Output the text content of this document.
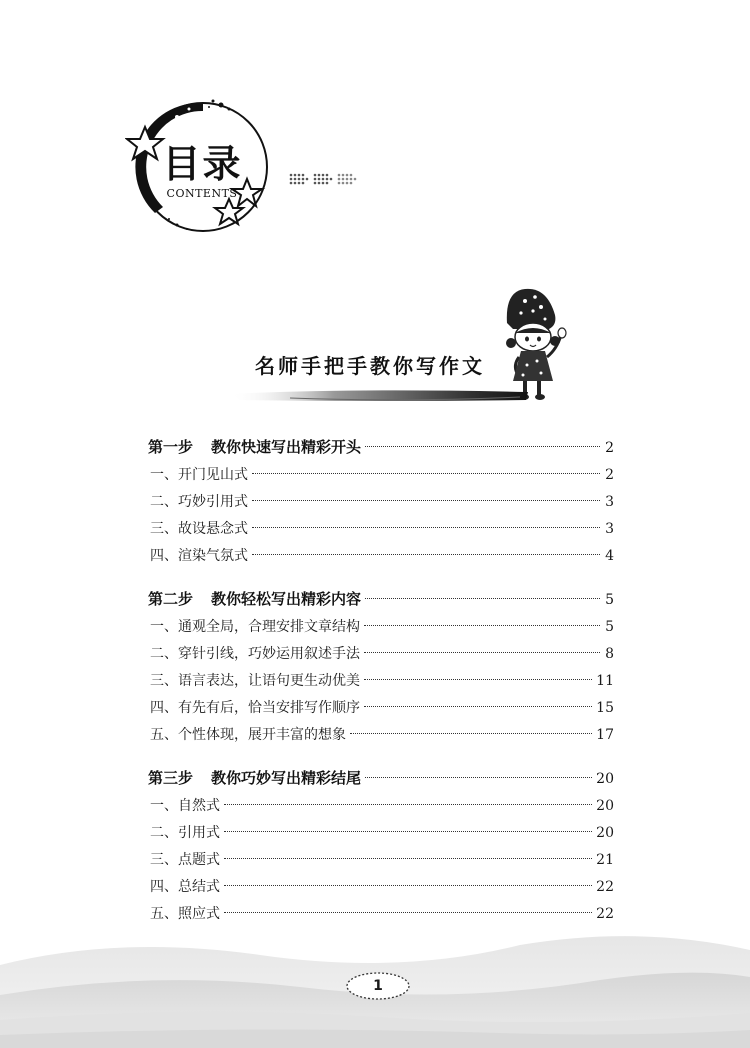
目录
CONTENTS
名师手把手教你写作文
第一步 教你快速写出精彩开头	2
一、开门见山式	2
二、巧妙引用式	3
三、故设悬念式	3
四、渲染气氛式	4
第二步 教你轻松写出精彩内容	5
一、通观全局，合理安排文章结构	5
二、穿针引线，巧妙运用叙述手法	8
三、语言表达，让语句更生动优美	11
四、有先有后，恰当安排写作顺序	15
五、个性体现，展开丰富的想象	17
第三步 教你巧妙写出精彩结尾	20
一、自然式	20
二、引用式	20
三、点题式	21
四、总结式	22
五、照应式	22
1
